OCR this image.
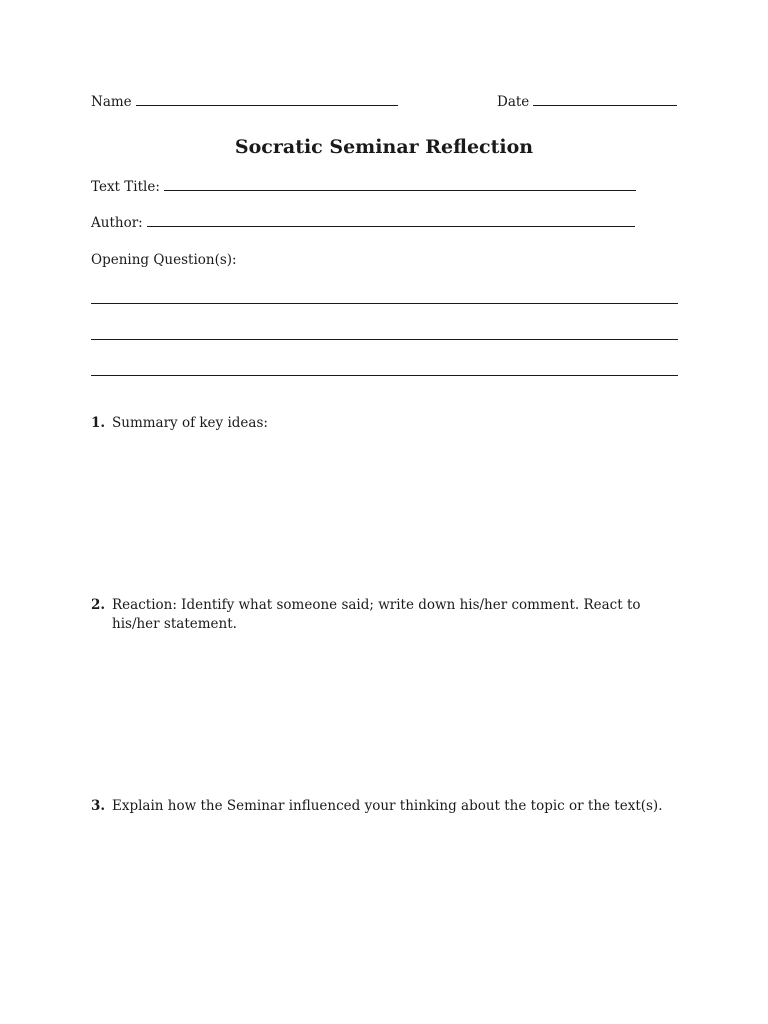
Name	Date
Socratic Seminar Reflection
Text Title:
Author:
Opening Question(s):
1. Summary of key ideas:
2. Reaction: Identify what someone said; write down his/her comment. React to his/her statement.
3. Explain how the Seminar influenced your thinking about the topic or the text(s).
